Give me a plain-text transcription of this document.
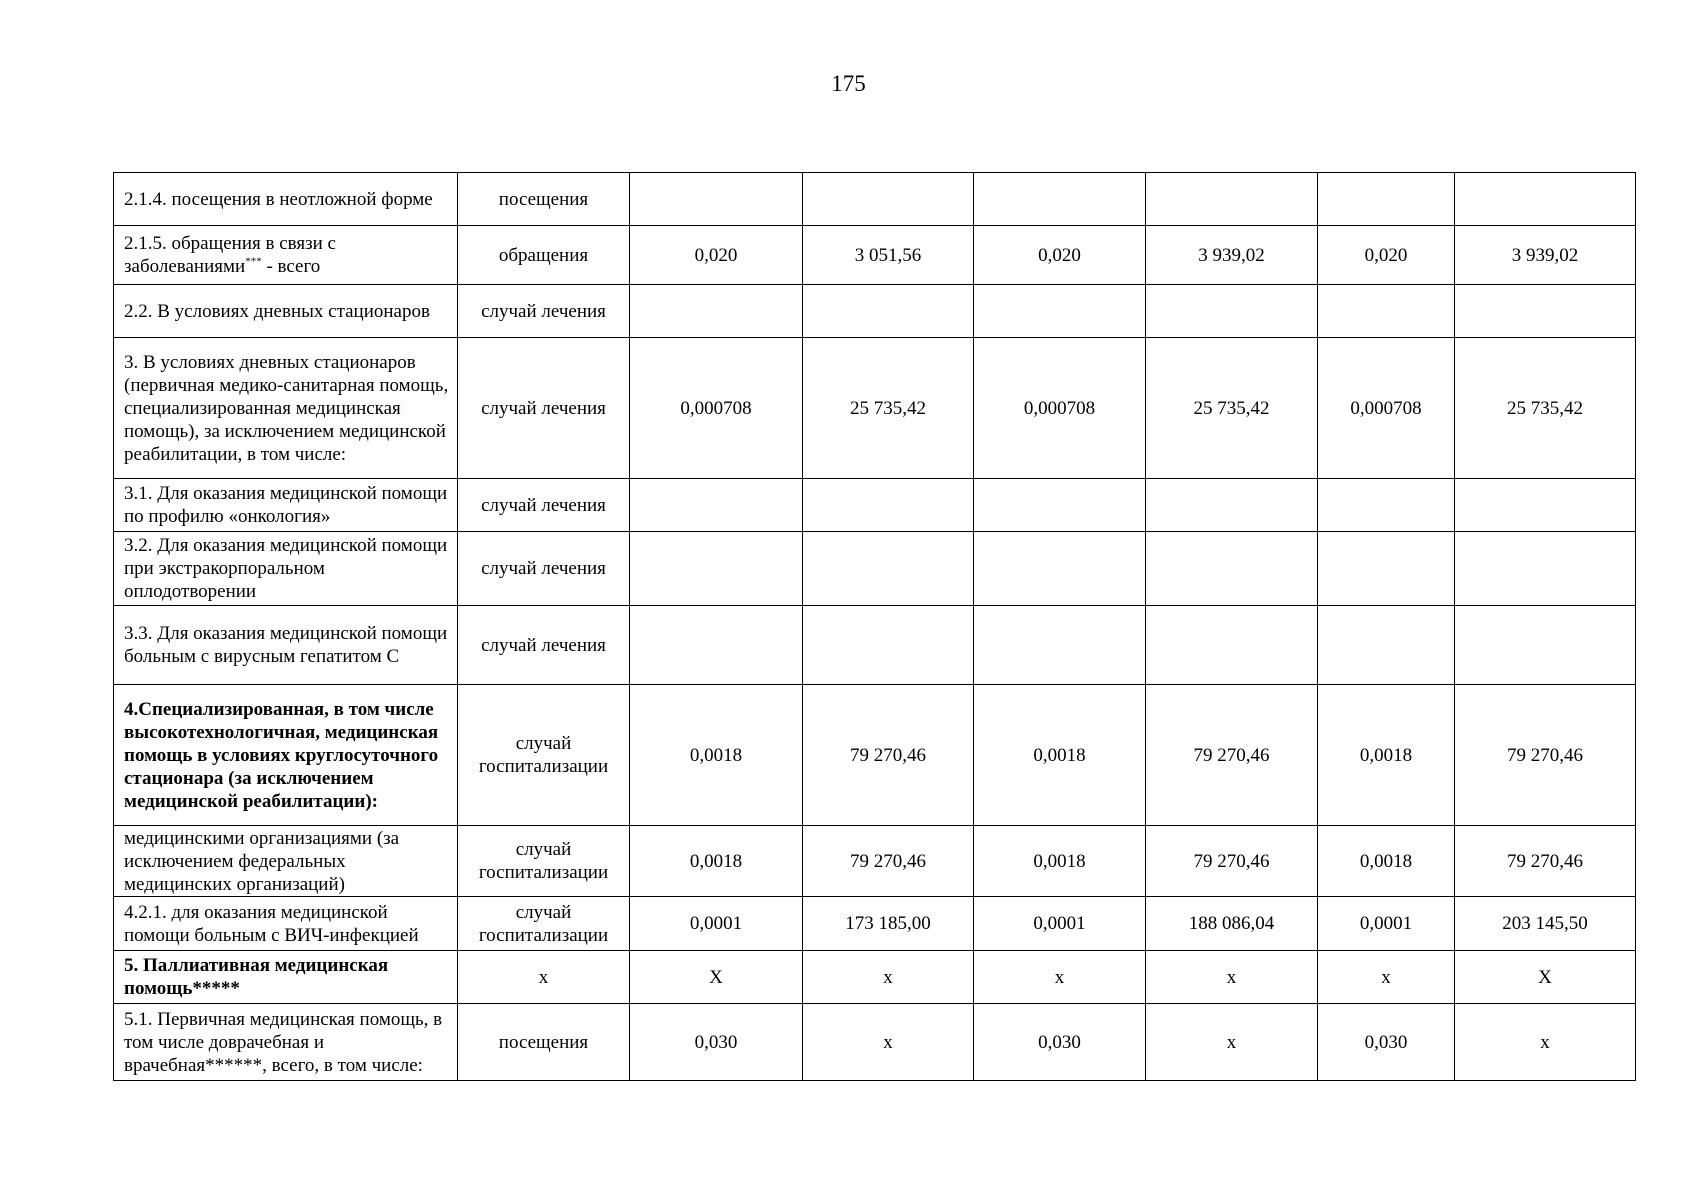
175
2.1.4. посещения в неотложной форме	посещения						
2.1.5. обращения в связи с заболеваниями*** - всего	обращения	0,020	3 051,56	0,020	3 939,02	0,020	3 939,02
2.2. В условиях дневных стационаров	случай лечения						
3. В условиях дневных стационаров (первичная медико-санитарная помощь, специализированная медицинская помощь), за исключением медицинской реабилитации, в том числе:	случай лечения	0,000708	25 735,42	0,000708	25 735,42	0,000708	25 735,42
3.1. Для оказания медицинской помощи по профилю «онкология»	случай лечения						
3.2. Для оказания медицинской помощи при экстракорпоральном оплодотворении	случай лечения						
3.3. Для оказания медицинской помощи больным с вирусным гепатитом С	случай лечения						
4.Специализированная, в том числе высокотехнологичная, медицинская помощь в условиях круглосуточного стационара (за исключением медицинской реабилитации):	случай госпитализации	0,0018	79 270,46	0,0018	79 270,46	0,0018	79 270,46
медицинскими организациями (за исключением федеральных медицинских организаций)	случай госпитализации	0,0018	79 270,46	0,0018	79 270,46	0,0018	79 270,46
4.2.1. для оказания медицинской помощи больным с ВИЧ-инфекцией	случай госпитализации	0,0001	173 185,00	0,0001	188 086,04	0,0001	203 145,50
5. Паллиативная медицинская помощь*****	х	Х	х	х	х	х	Х
5.1. Первичная медицинская помощь, в том числе доврачебная и врачебная******, всего, в том числе:	посещения	0,030	х	0,030	х	0,030	х
